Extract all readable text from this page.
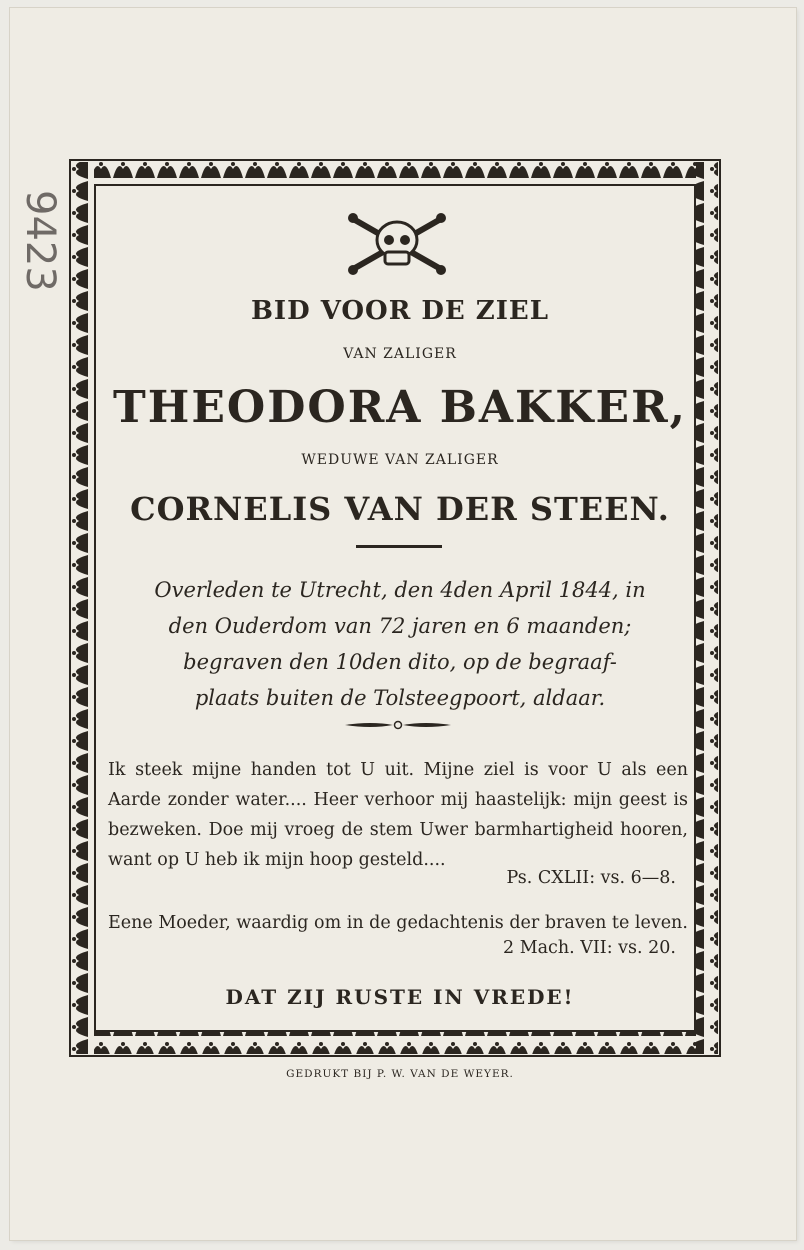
9423
BID VOOR DE ZIEL
VAN ZALIGER
THEODORA BAKKER,
WEDUWE VAN ZALIGER
CORNELIS VAN DER STEEN.
Overleden te Utrecht, den 4den April 1844, in
den Ouderdom van 72 jaren en 6 maanden;
begraven den 10den dito, op de begraaf-
plaats buiten de Tolsteegpoort, aldaar.
Ik steek mijne handen tot U uit. Mijne ziel is voor U als een Aarde zonder water.... Heer verhoor mij haastelijk: mijn geest is bezweken. Doe mij vroeg de stem Uwer barmhartigheid hooren, want op U heb ik mijn hoop gesteld....
Ps. CXLII: vs. 6—8.
Eene Moeder, waardig om in de gedachtenis der braven te leven.
2 Mach. VII: vs. 20.
DAT ZIJ RUSTE IN VREDE!
GEDRUKT BIJ P. W. VAN DE WEYER.
